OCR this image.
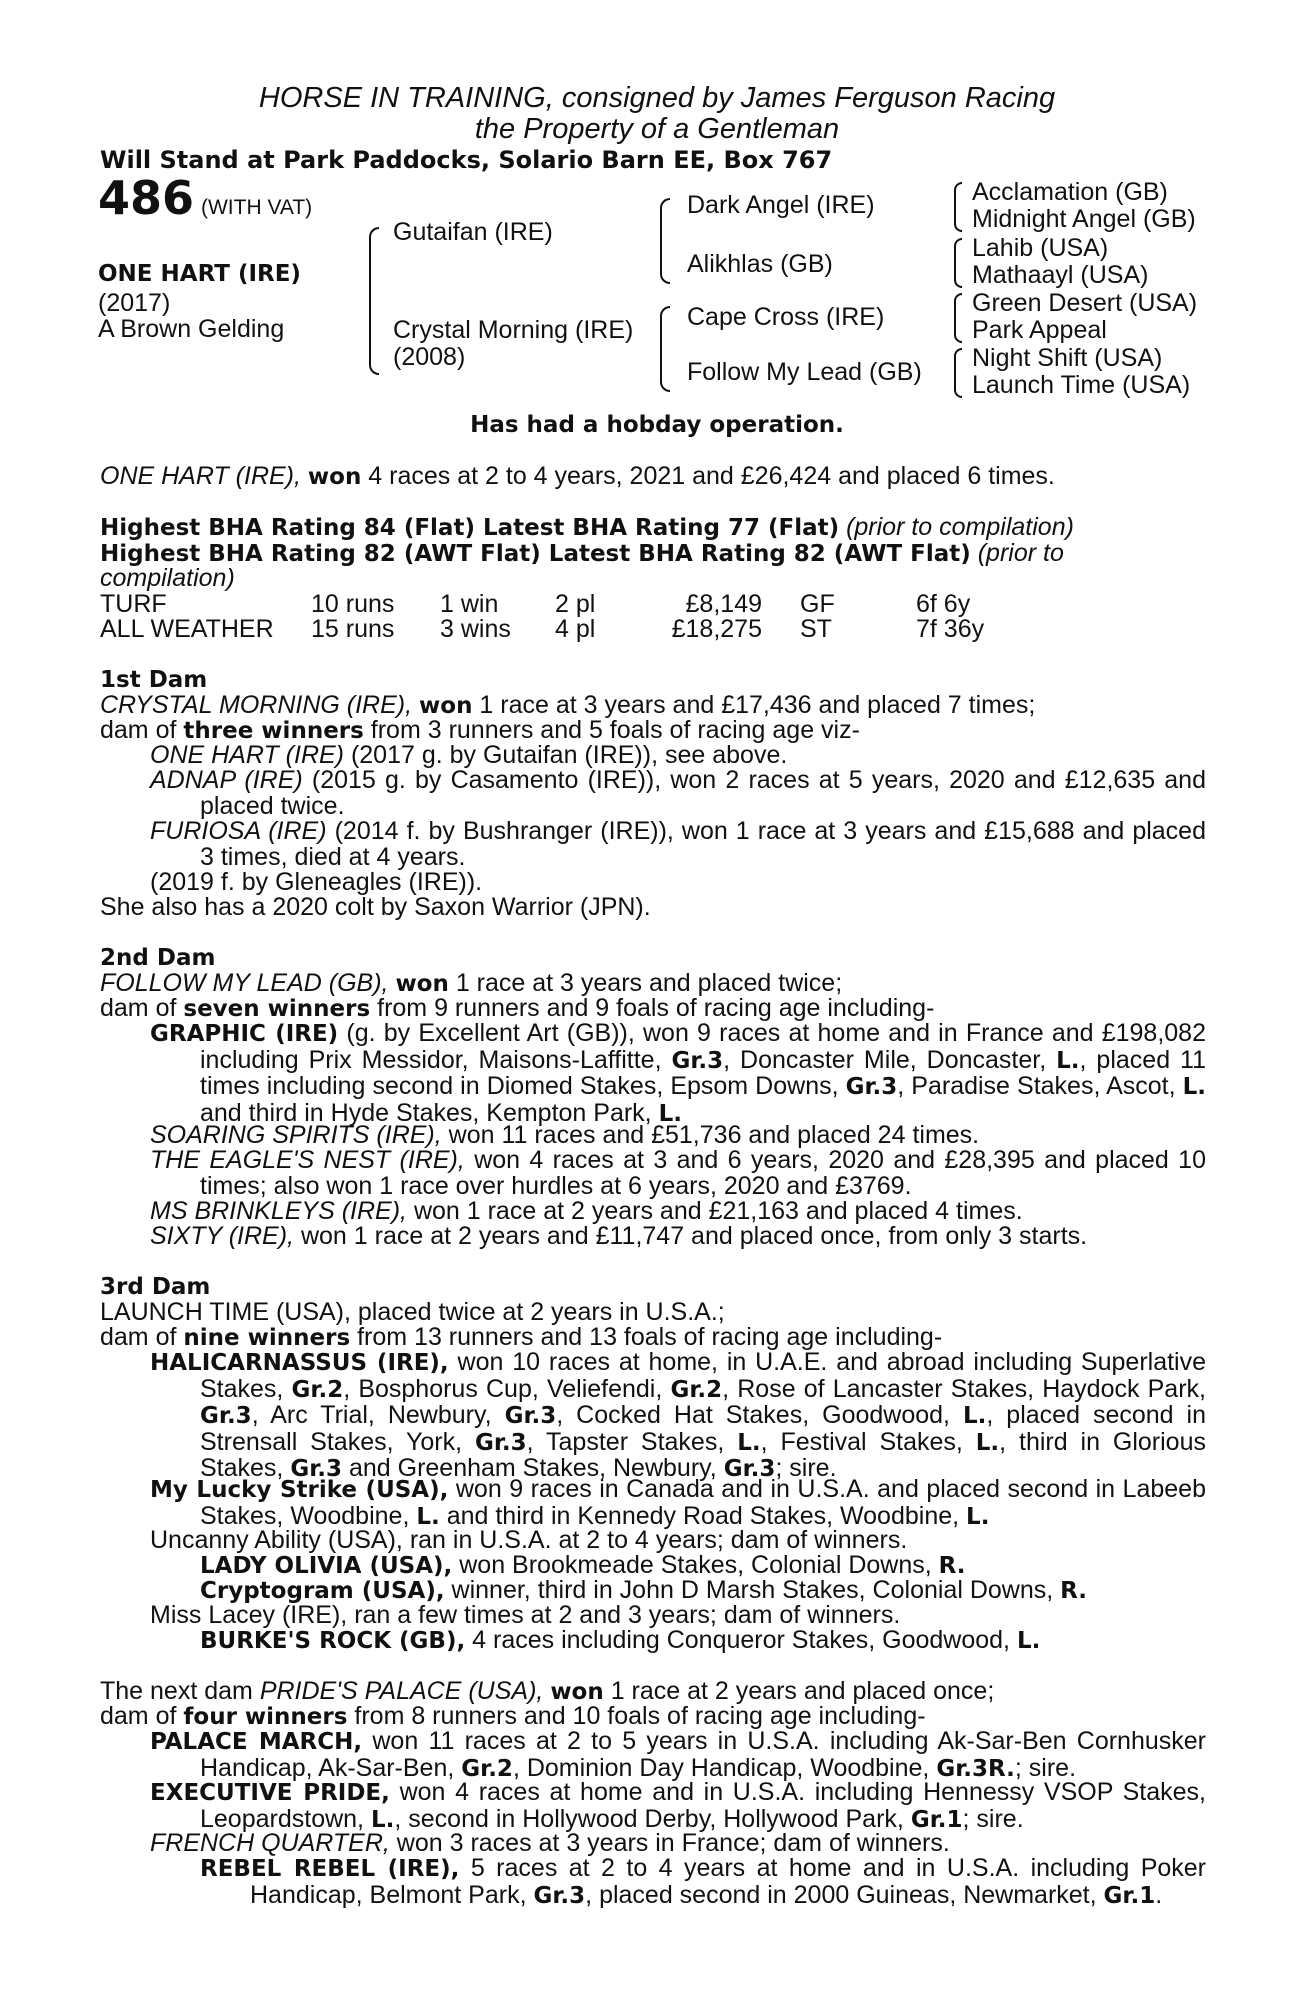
HORSE IN TRAINING, consigned by James Ferguson Racing
the Property of a Gentleman
Will Stand at Park Paddocks, Solario Barn EE, Box 767
486 (WITH VAT)
ONE HART (IRE)
(2017)
A Brown Gelding
Gutaifan (IRE)
Crystal Morning (IRE)
(2008)
Dark Angel (IRE)
Alikhlas (GB)
Cape Cross (IRE)
Follow My Lead (GB)
Acclamation (GB)
Midnight Angel (GB)
Lahib (USA)
Mathaayl (USA)
Green Desert (USA)
Park Appeal
Night Shift (USA)
Launch Time (USA)
Has had a hobday operation.
ONE HART (IRE), won 4 races at 2 to 4 years, 2021 and £26,424 and placed 6 times.
Highest BHA Rating 84 (Flat) Latest BHA Rating 77 (Flat) (prior to compilation)
Highest BHA Rating 82 (AWT Flat) Latest BHA Rating 82 (AWT Flat) (prior to
compilation)
TURF	10 runs 1 win 2 pl	£8,149 GF	6f 6y
ALL WEATHER 15 runs 3 wins 4 pl	£18,275 ST	7f 36y
1st Dam
CRYSTAL MORNING (IRE), won 1 race at 3 years and £17,436 and placed 7 times;
dam of three winners from 3 runners and 5 foals of racing age viz-
ONE HART (IRE) (2017 g. by Gutaifan (IRE)), see above.
ADNAP (IRE) (2015 g. by Casamento (IRE)), won 2 races at 5 years, 2020 and £12,635 and placed twice.
FURIOSA (IRE) (2014 f. by Bushranger (IRE)), won 1 race at 3 years and £15,688 and placed 3 times, died at 4 years.
(2019 f. by Gleneagles (IRE)).
She also has a 2020 colt by Saxon Warrior (JPN).
2nd Dam
FOLLOW MY LEAD (GB), won 1 race at 3 years and placed twice;
dam of seven winners from 9 runners and 9 foals of racing age including-
GRAPHIC (IRE) (g. by Excellent Art (GB)), won 9 races at home and in France and £198,082 including Prix Messidor, Maisons-Laffitte, Gr.3, Doncaster Mile, Doncaster, L., placed 11 times including second in Diomed Stakes, Epsom Downs, Gr.3, Paradise Stakes, Ascot, L. and third in Hyde Stakes, Kempton Park, L.
SOARING SPIRITS (IRE), won 11 races and £51,736 and placed 24 times.
THE EAGLE'S NEST (IRE), won 4 races at 3 and 6 years, 2020 and £28,395 and placed 10 times; also won 1 race over hurdles at 6 years, 2020 and £3769.
MS BRINKLEYS (IRE), won 1 race at 2 years and £21,163 and placed 4 times.
SIXTY (IRE), won 1 race at 2 years and £11,747 and placed once, from only 3 starts.
3rd Dam
LAUNCH TIME (USA), placed twice at 2 years in U.S.A.;
dam of nine winners from 13 runners and 13 foals of racing age including-
HALICARNASSUS (IRE), won 10 races at home, in U.A.E. and abroad including Superlative Stakes, Gr.2, Bosphorus Cup, Veliefendi, Gr.2, Rose of Lancaster Stakes, Haydock Park, Gr.3, Arc Trial, Newbury, Gr.3, Cocked Hat Stakes, Goodwood, L., placed second in Strensall Stakes, York, Gr.3, Tapster Stakes, L., Festival Stakes, L., third in Glorious Stakes, Gr.3 and Greenham Stakes, Newbury, Gr.3; sire.
My Lucky Strike (USA), won 9 races in Canada and in U.S.A. and placed second in Labeeb Stakes, Woodbine, L. and third in Kennedy Road Stakes, Woodbine, L.
Uncanny Ability (USA), ran in U.S.A. at 2 to 4 years; dam of winners.
LADY OLIVIA (USA), won Brookmeade Stakes, Colonial Downs, R.
Cryptogram (USA), winner, third in John D Marsh Stakes, Colonial Downs, R.
Miss Lacey (IRE), ran a few times at 2 and 3 years; dam of winners.
BURKE'S ROCK (GB), 4 races including Conqueror Stakes, Goodwood, L.
The next dam PRIDE'S PALACE (USA), won 1 race at 2 years and placed once;
dam of four winners from 8 runners and 10 foals of racing age including-
PALACE MARCH, won 11 races at 2 to 5 years in U.S.A. including Ak-Sar-Ben Cornhusker Handicap, Ak-Sar-Ben, Gr.2, Dominion Day Handicap, Woodbine, Gr.3R.; sire.
EXECUTIVE PRIDE, won 4 races at home and in U.S.A. including Hennessy VSOP Stakes, Leopardstown, L., second in Hollywood Derby, Hollywood Park, Gr.1; sire.
FRENCH QUARTER, won 3 races at 3 years in France; dam of winners.
REBEL REBEL (IRE), 5 races at 2 to 4 years at home and in U.S.A. including Poker Handicap, Belmont Park, Gr.3, placed second in 2000 Guineas, Newmarket, Gr.1.
